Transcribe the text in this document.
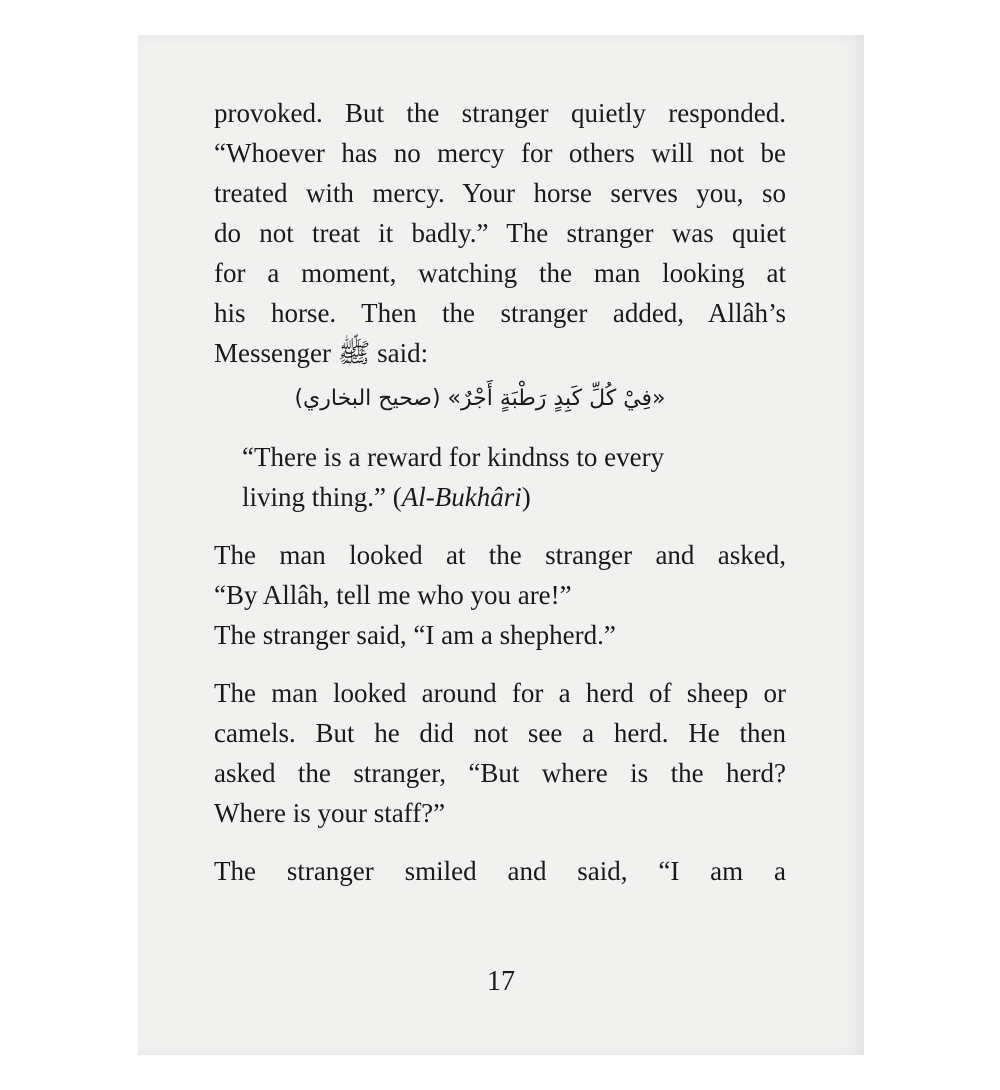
provoked. But the stranger quietly responded.
“Whoever has no mercy for others will not be
treated with mercy. Your horse serves you, so
do not treat it badly.” The stranger was quiet
for a moment, watching the man looking at
his horse. Then the stranger added, Allâh’s
Messenger ﷺ said:
«فِيْ كُلِّ كَبِدٍ رَطْبَةٍ أَجْرٌ» (صحيح البخاري)
“There is a reward for kindnss to every
living thing.” (Al-Bukhâri)
The man looked at the stranger and asked,
“By Allâh, tell me who you are!”
The stranger said, “I am a shepherd.”
The man looked around for a herd of sheep or
camels. But he did not see a herd. He then
asked the stranger, “But where is the herd?
Where is your staff?”
The stranger smiled and said, “I am a
17
